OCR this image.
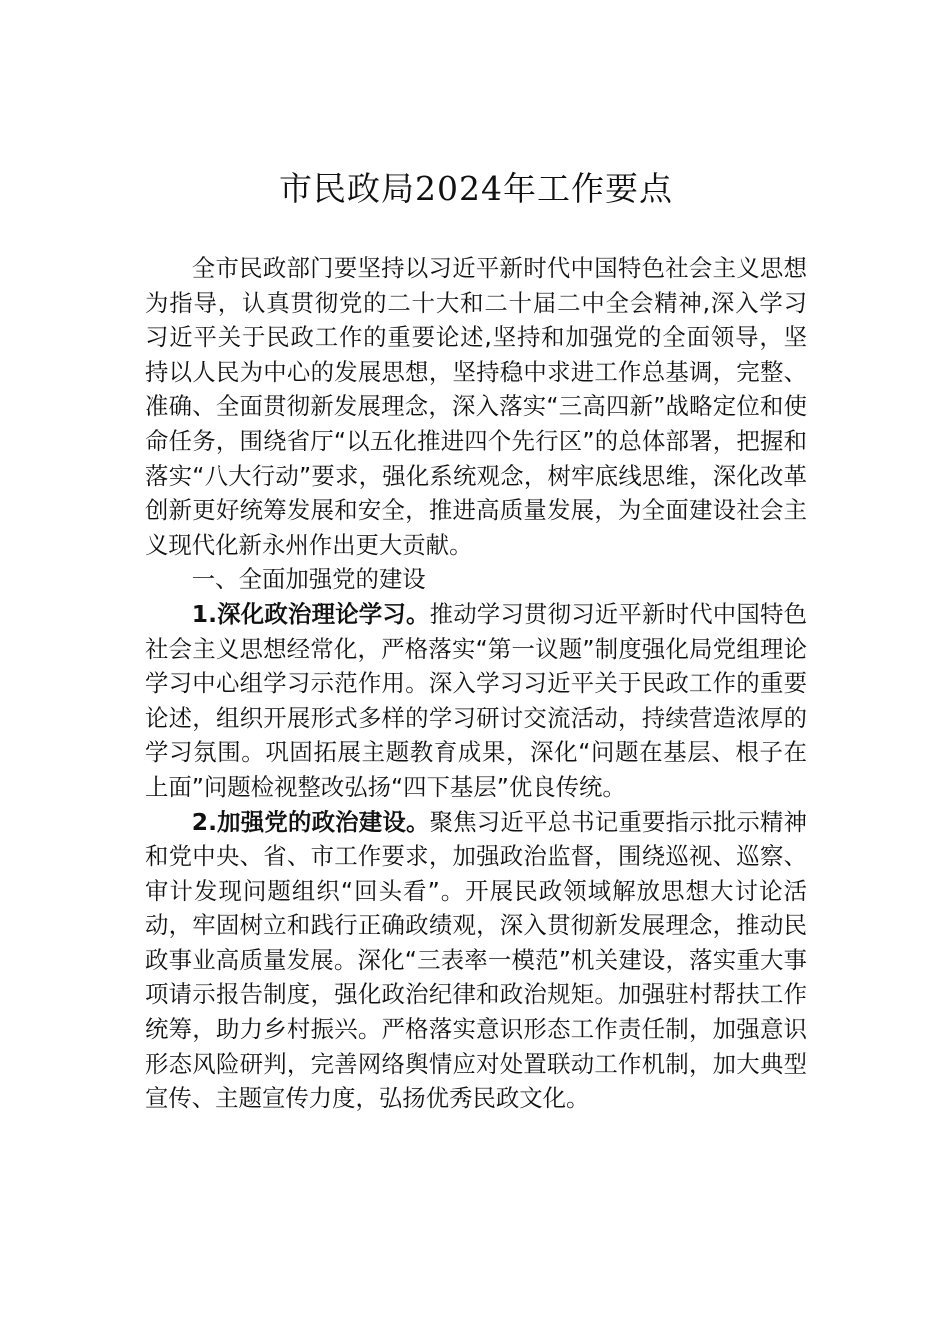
市民政局2024年工作要点

全市民政部门要坚持以习近平新时代中国特色社会主义思想为指导，认真贯彻党的二十大和二十届二中全会精神,深入学习习近平关于民政工作的重要论述,坚持和加强党的全面领导，坚持以人民为中心的发展思想，坚持稳中求进工作总基调，完整、准确、全面贯彻新发展理念，深入落实“三高四新”战略定位和使命任务，围绕省厅“以五化推进四个先行区”的总体部署，把握和落实“八大行动”要求，强化系统观念，树牢底线思维，深化改革创新更好统筹发展和安全，推进高质量发展，为全面建设社会主义现代化新永州作出更大贡献。

一、全面加强党的建设

1.深化政治理论学习。推动学习贯彻习近平新时代中国特色社会主义思想经常化，严格落实“第一议题”制度强化局党组理论学习中心组学习示范作用。深入学习习近平关于民政工作的重要论述，组织开展形式多样的学习研讨交流活动，持续营造浓厚的学习氛围。巩固拓展主题教育成果，深化“问题在基层、根子在上面”问题检视整改弘扬“四下基层”优良传统。

2.加强党的政治建设。聚焦习近平总书记重要指示批示精神和党中央、省、市工作要求，加强政治监督，围绕巡视、巡察、审计发现问题组织“回头看”。开展民政领域解放思想大讨论活动，牢固树立和践行正确政绩观，深入贯彻新发展理念，推动民政事业高质量发展。深化“三表率一模范”机关建设，落实重大事项请示报告制度，强化政治纪律和政治规矩。加强驻村帮扶工作统筹，助力乡村振兴。严格落实意识形态工作责任制，加强意识形态风险研判，完善网络舆情应对处置联动工作机制，加大典型宣传、主题宣传力度，弘扬优秀民政文化。
